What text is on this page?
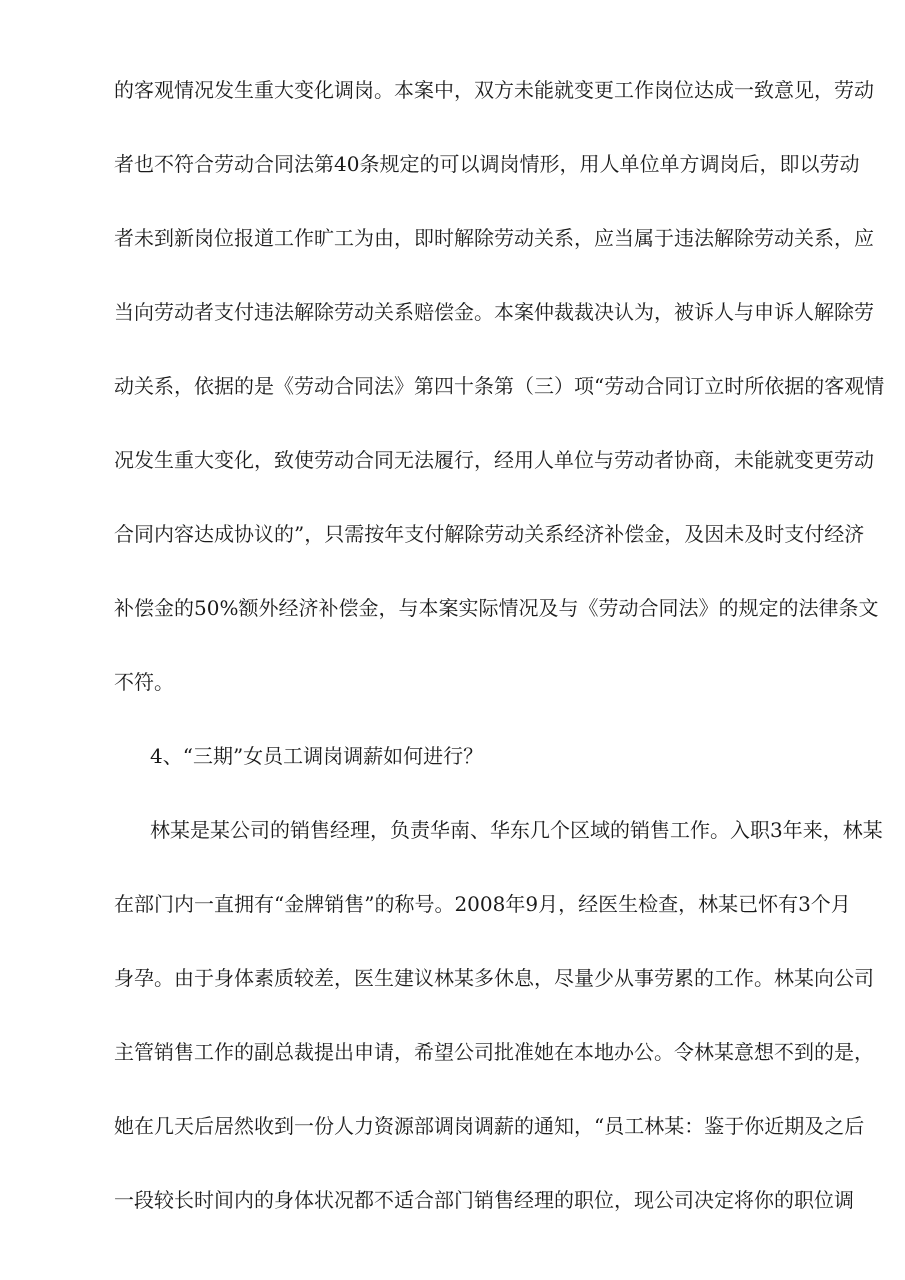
的客观情况发生重大变化调岗。本案中，双方未能就变更工作岗位达成一致意见，劳动
者也不符合劳动合同法第40条规定的可以调岗情形，用人单位单方调岗后，即以劳动
者未到新岗位报道工作旷工为由，即时解除劳动关系，应当属于违法解除劳动关系，应
当向劳动者支付违法解除劳动关系赔偿金。本案仲裁裁决认为，被诉人与申诉人解除劳
动关系，依据的是《劳动合同法》第四十条第（三）项“劳动合同订立时所依据的客观情
况发生重大变化，致使劳动合同无法履行，经用人单位与劳动者协商，未能就变更劳动
合同内容达成协议的”，只需按年支付解除劳动关系经济补偿金，及因未及时支付经济
补偿金的50%额外经济补偿金，与本案实际情况及与《劳动合同法》的规定的法律条文
不符。
4、“三期”女员工调岗调薪如何进行？
林某是某公司的销售经理，负责华南、华东几个区域的销售工作。入职3年来，林某
在部门内一直拥有“金牌销售”的称号。2008年9月，经医生检查，林某已怀有3个月
身孕。由于身体素质较差，医生建议林某多休息，尽量少从事劳累的工作。林某向公司
主管销售工作的副总裁提出申请，希望公司批准她在本地办公。令林某意想不到的是，
她在几天后居然收到一份人力资源部调岗调薪的通知，“员工林某：鉴于你近期及之后
一段较长时间内的身体状况都不适合部门销售经理的职位，现公司决定将你的职位调
